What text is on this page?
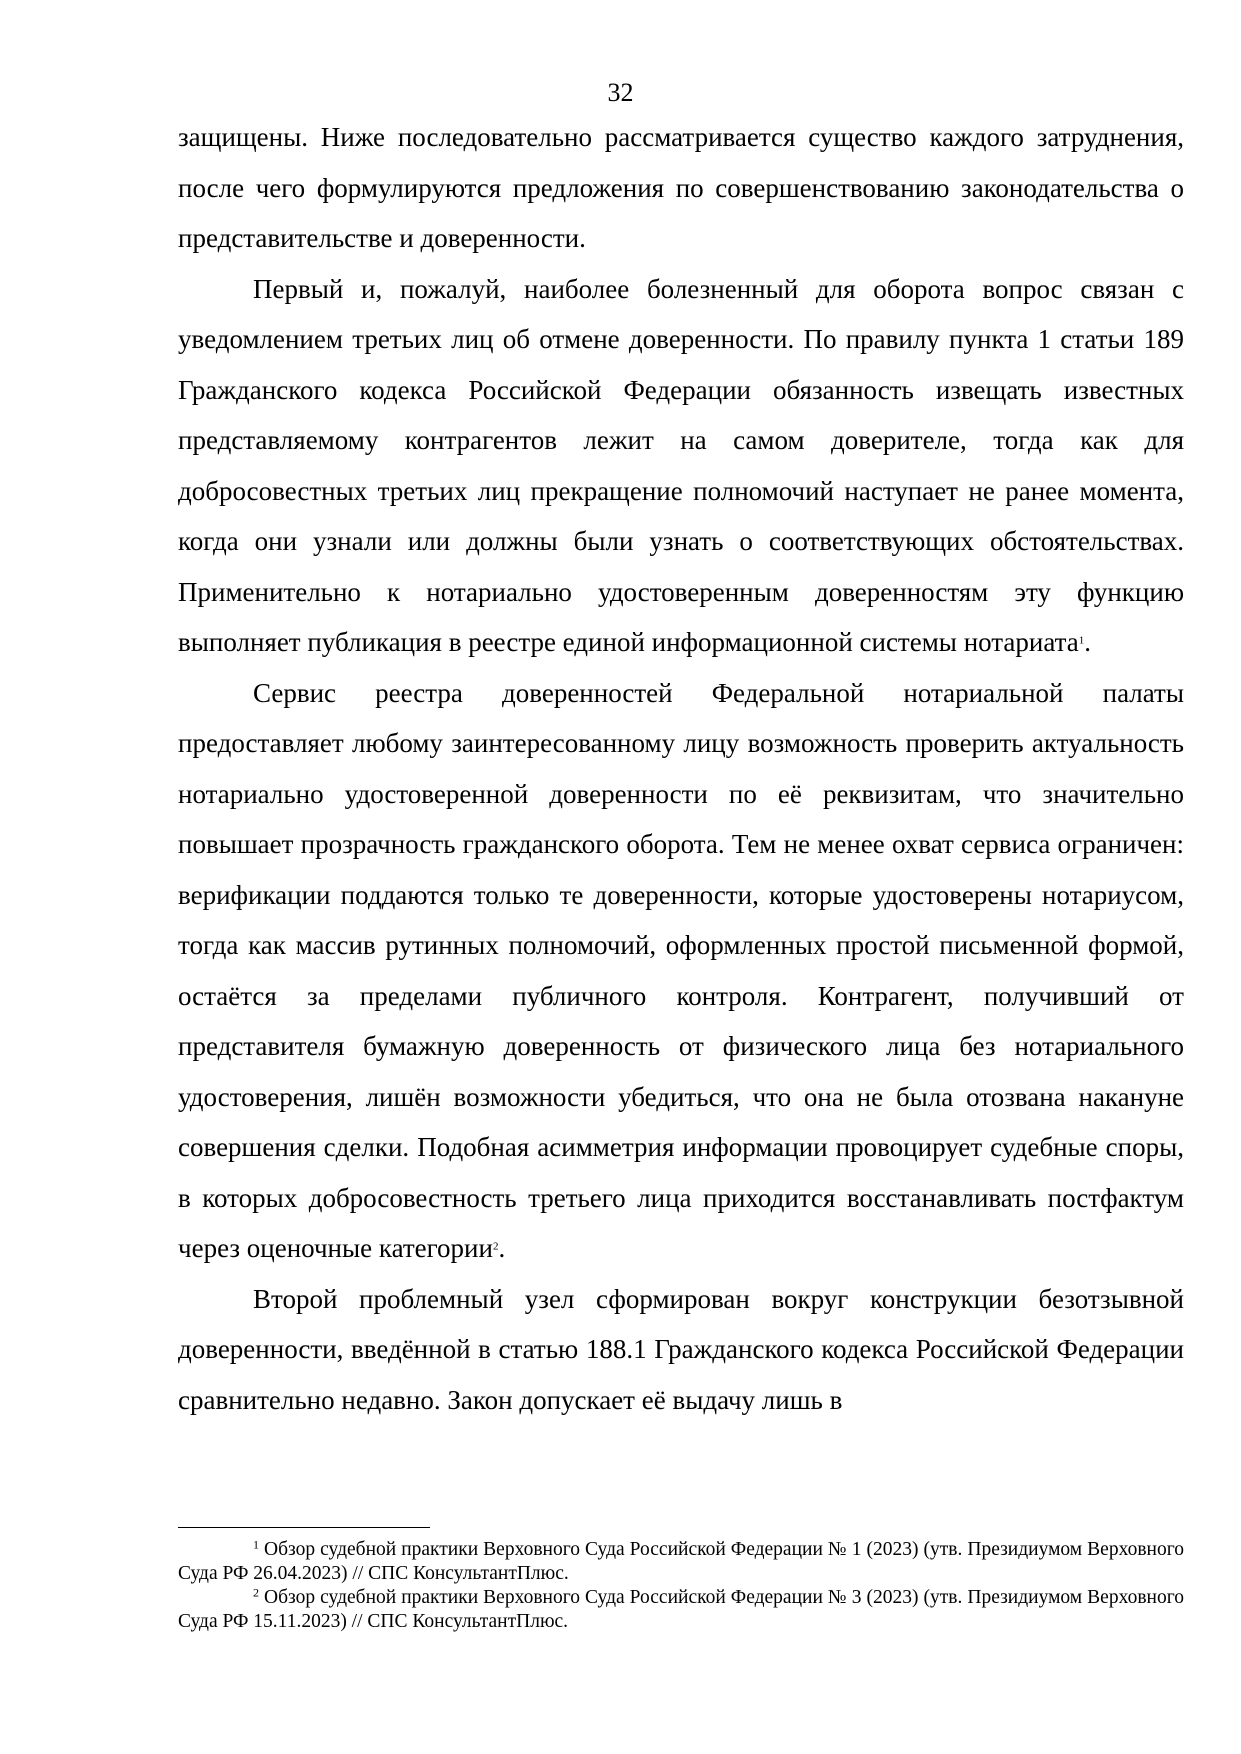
32

защищены. Ниже последовательно рассматривается существо каждого затруднения, после чего формулируются предложения по совершенствованию законодательства о представительстве и доверенности.

Первый и, пожалуй, наиболее болезненный для оборота вопрос связан с уведомлением третьих лиц об отмене доверенности. По правилу пункта 1 статьи 189 Гражданского кодекса Российской Федерации обязанность извещать известных представляемому контрагентов лежит на самом доверителе, тогда как для добросовестных третьих лиц прекращение полномочий наступает не ранее момента, когда они узнали или должны были узнать о соответствующих обстоятельствах. Применительно к нотариально удостоверенным доверенностям эту функцию выполняет публикация в реестре единой информационной системы нотариата$^1$.

Сервис реестра доверенностей Федеральной нотариальной палаты предоставляет любому заинтересованному лицу возможность проверить актуальность нотариально удостоверенной доверенности по её реквизитам, что значительно повышает прозрачность гражданского оборота. Тем не менее охват сервиса ограничен: верификации поддаются только те доверенности, которые удостоверены нотариусом, тогда как массив рутинных полномочий, оформленных простой письменной формой, остаётся за пределами публичного контроля. Контрагент, получивший от представителя бумажную доверенность от физического лица без нотариального удостоверения, лишён возможности убедиться, что она не была отозвана накануне совершения сделки. Подобная асимметрия информации провоцирует судебные споры, в которых добросовестность третьего лица приходится восстанавливать постфактум через оценочные категории$^2$.

Второй проблемный узел сформирован вокруг конструкции безотзывной доверенности, введённой в статью 188.1 Гражданского кодекса Российской Федерации сравнительно недавно. Закон допускает её выдачу лишь в

$^1$ Обзор судебной практики Верховного Суда Российской Федерации № 1 (2023) (утв. Президиумом Верховного Суда РФ 26.04.2023) // СПС КонсультантПлюс.

$^2$ Обзор судебной практики Верховного Суда Российской Федерации № 3 (2023) (утв. Президиумом Верховного Суда РФ 15.11.2023) // СПС КонсультантПлюс.
